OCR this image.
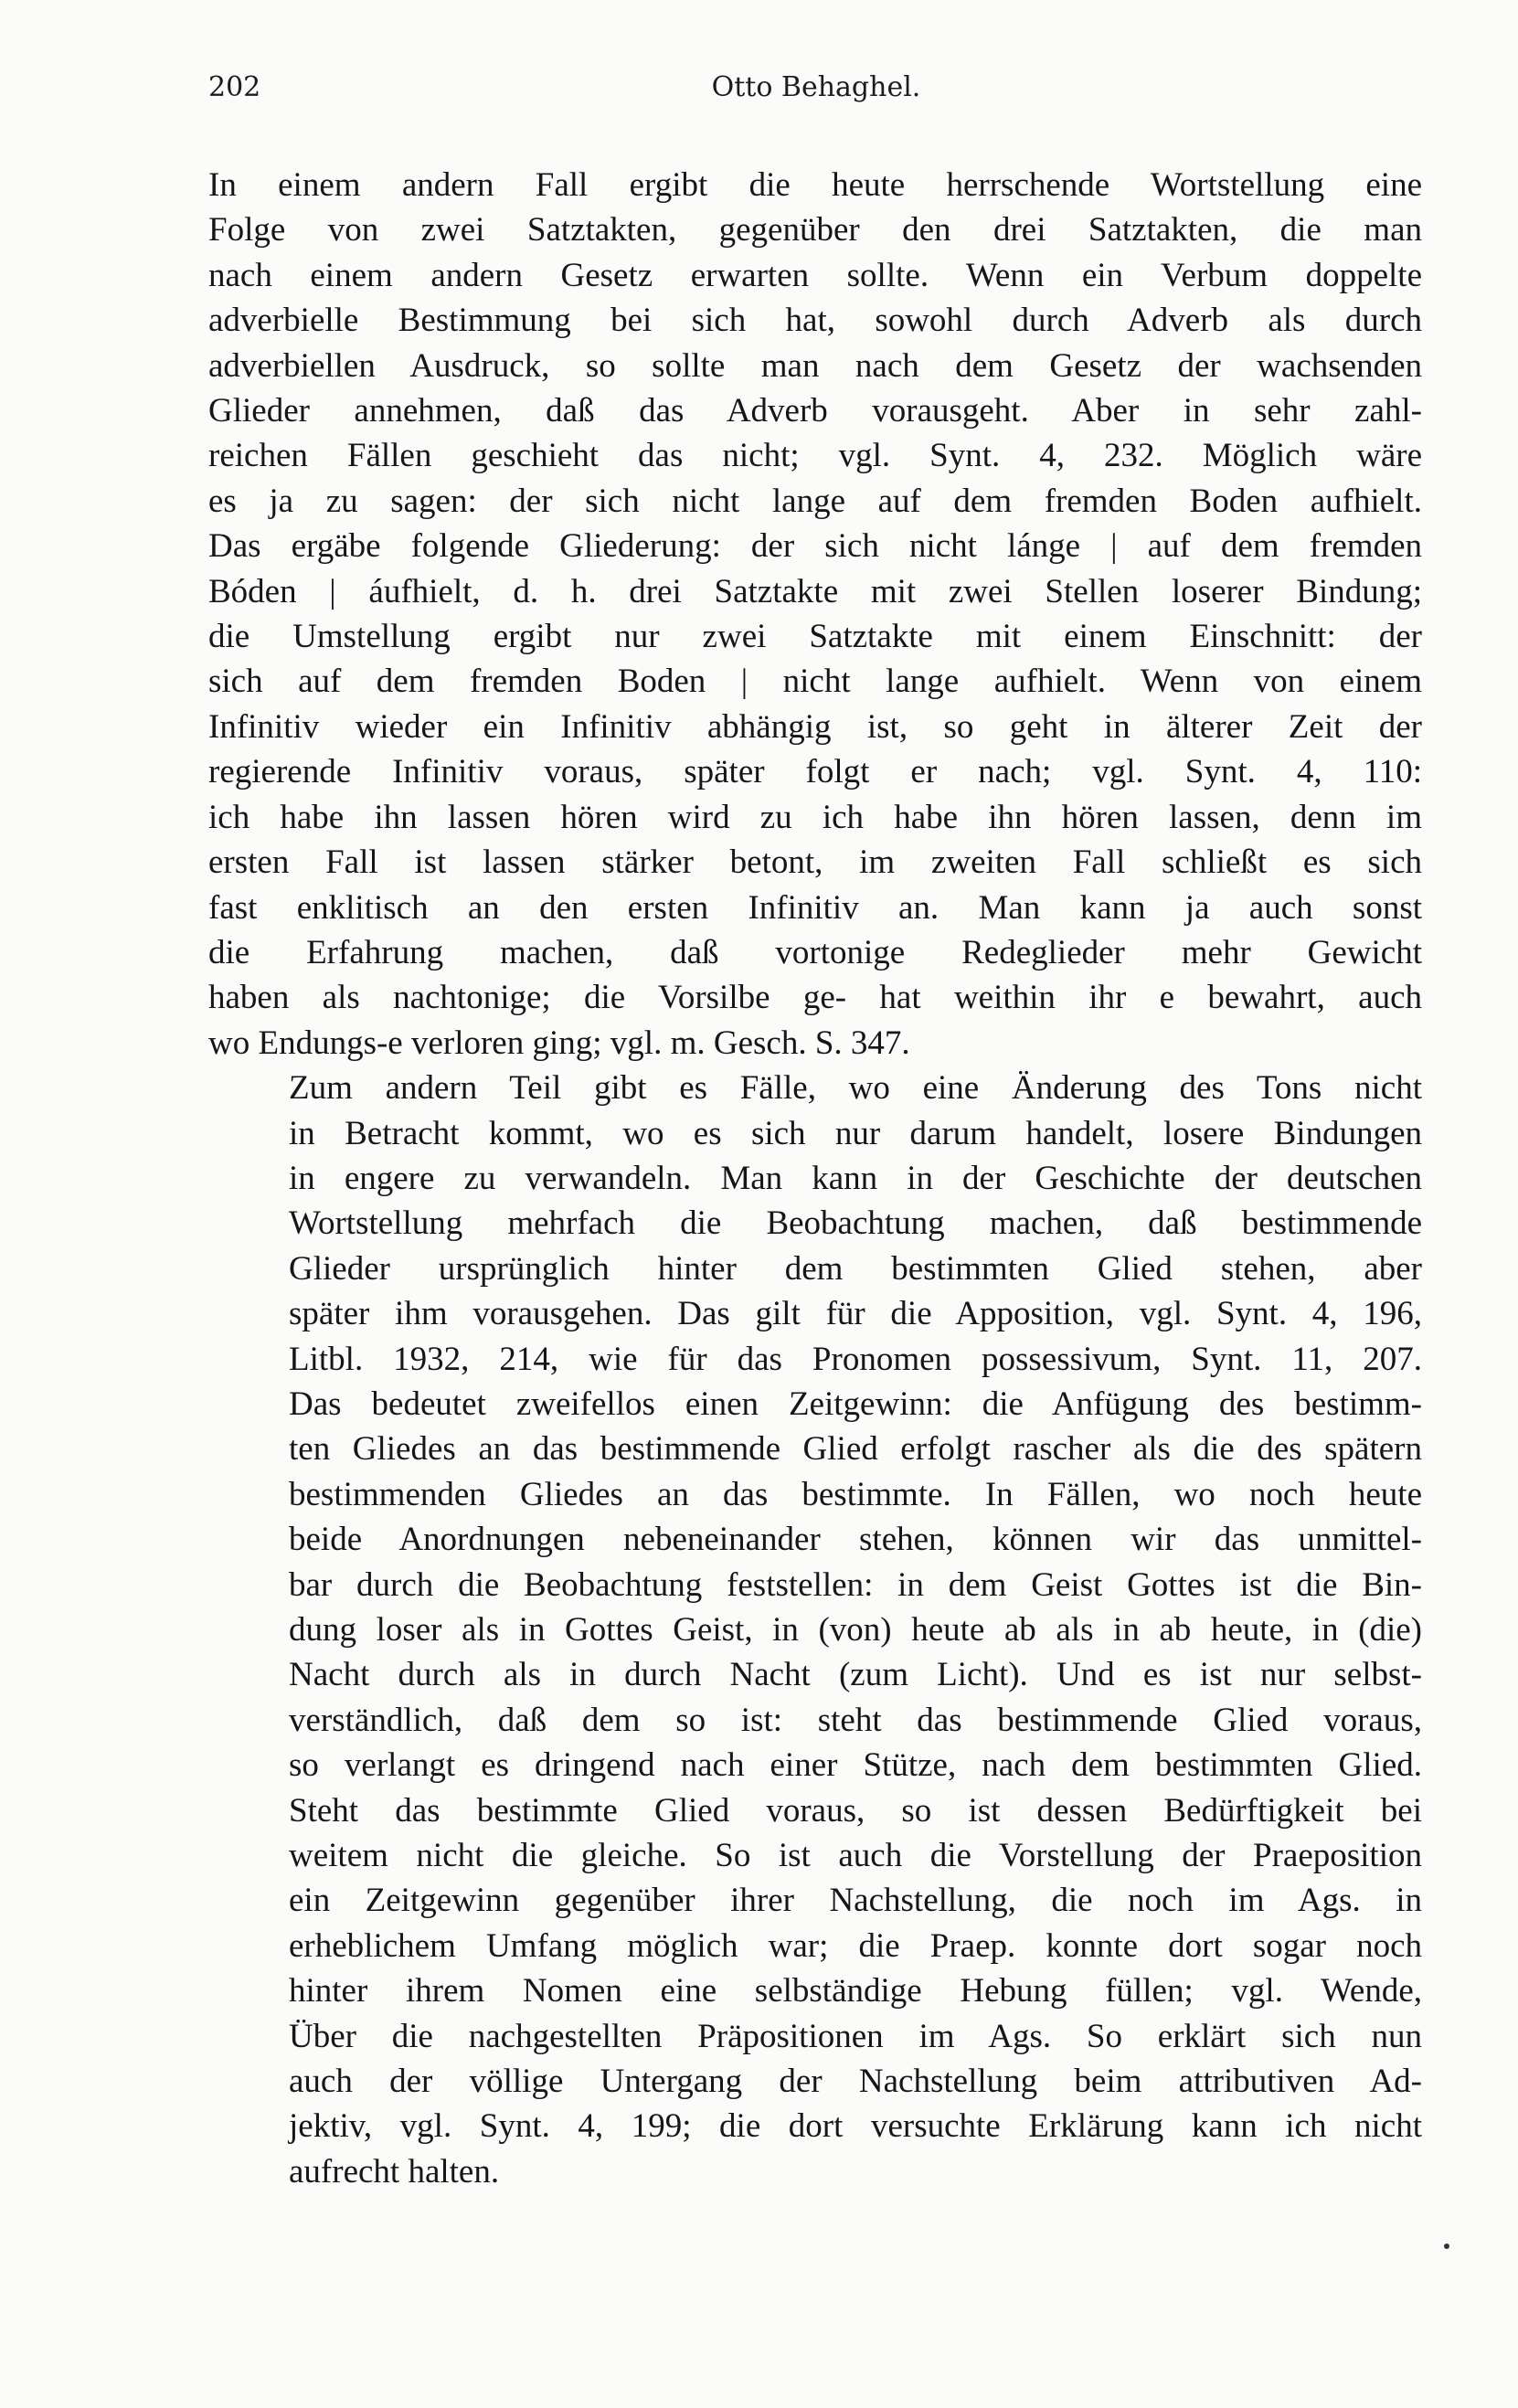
202	Otto Behaghel.
In einem andern Fall ergibt die heute herrschende Wortstellung eine
Folge von zwei Satztakten, gegenüber den drei Satztakten, die man
nach einem andern Gesetz erwarten sollte. Wenn ein Verbum doppelte
adverbielle Bestimmung bei sich hat, sowohl durch Adverb als durch
adverbiellen Ausdruck, so sollte man nach dem Gesetz der wachsenden
Glieder annehmen, daß das Adverb vorausgeht. Aber in sehr zahl-
reichen Fällen geschieht das nicht; vgl. Synt. 4, 232. Möglich wäre
es ja zu sagen: der sich nicht lange auf dem fremden Boden aufhielt.
Das ergäbe folgende Gliederung: der sich nicht lánge | auf dem fremden
Bóden | áufhielt, d. h. drei Satztakte mit zwei Stellen loserer Bindung;
die Umstellung ergibt nur zwei Satztakte mit einem Einschnitt: der
sich auf dem fremden Boden | nicht lange aufhielt. Wenn von einem
Infinitiv wieder ein Infinitiv abhängig ist, so geht in älterer Zeit der
regierende Infinitiv voraus, später folgt er nach; vgl. Synt. 4, 110:
ich habe ihn lassen hören wird zu ich habe ihn hören lassen, denn im
ersten Fall ist lassen stärker betont, im zweiten Fall schließt es sich
fast enklitisch an den ersten Infinitiv an. Man kann ja auch sonst
die Erfahrung machen, daß vortonige Redeglieder mehr Gewicht
haben als nachtonige; die Vorsilbe ge- hat weithin ihr e bewahrt, auch
wo Endungs-e verloren ging; vgl. m. Gesch. S. 347.
Zum andern Teil gibt es Fälle, wo eine Änderung des Tons nicht
in Betracht kommt, wo es sich nur darum handelt, losere Bindungen
in engere zu verwandeln. Man kann in der Geschichte der deutschen
Wortstellung mehrfach die Beobachtung machen, daß bestimmende
Glieder ursprünglich hinter dem bestimmten Glied stehen, aber
später ihm vorausgehen. Das gilt für die Apposition, vgl. Synt. 4, 196,
Litbl. 1932, 214, wie für das Pronomen possessivum, Synt. 11, 207.
Das bedeutet zweifellos einen Zeitgewinn: die Anfügung des bestimm-
ten Gliedes an das bestimmende Glied erfolgt rascher als die des spätern
bestimmenden Gliedes an das bestimmte. In Fällen, wo noch heute
beide Anordnungen nebeneinander stehen, können wir das unmittel-
bar durch die Beobachtung feststellen: in dem Geist Gottes ist die Bin-
dung loser als in Gottes Geist, in (von) heute ab als in ab heute, in (die)
Nacht durch als in durch Nacht (zum Licht). Und es ist nur selbst-
verständlich, daß dem so ist: steht das bestimmende Glied voraus,
so verlangt es dringend nach einer Stütze, nach dem bestimmten Glied.
Steht das bestimmte Glied voraus, so ist dessen Bedürftigkeit bei
weitem nicht die gleiche. So ist auch die Vorstellung der Praeposition
ein Zeitgewinn gegenüber ihrer Nachstellung, die noch im Ags. in
erheblichem Umfang möglich war; die Praep. konnte dort sogar noch
hinter ihrem Nomen eine selbständige Hebung füllen; vgl. Wende,
Über die nachgestellten Präpositionen im Ags. So erklärt sich nun
auch der völlige Untergang der Nachstellung beim attributiven Ad-
jektiv, vgl. Synt. 4, 199; die dort versuchte Erklärung kann ich nicht
aufrecht halten.
